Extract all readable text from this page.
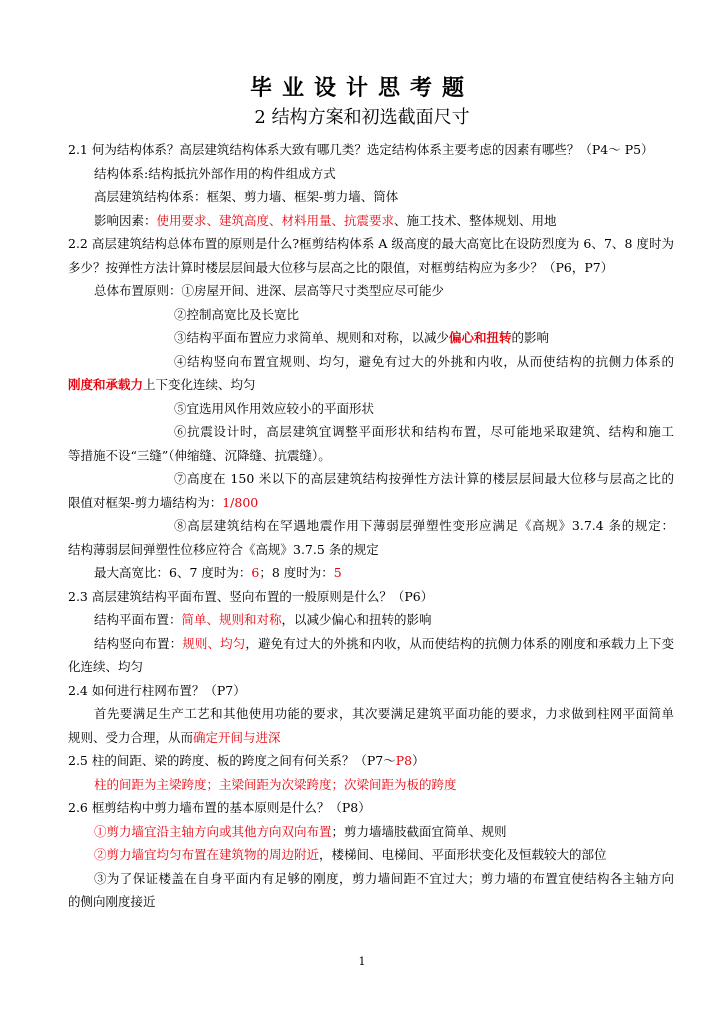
毕业设计思考题
2 结构方案和初选截面尺寸
2.1 何为结构体系？高层建筑结构体系大致有哪几类？选定结构体系主要考虑的因素有哪些？（P4～ P5）
结构体系:结构抵抗外部作用的构件组成方式
高层建筑结构体系：框架、剪力墙、框架-剪力墙、筒体
影响因素：使用要求、建筑高度、材料用量、抗震要求、施工技术、整体规划、用地
2.2 高层建筑结构总体布置的原则是什么?框剪结构体系 A 级高度的最大高宽比在设防烈度为 6、7、8 度时为
多少？按弹性方法计算时楼层层间最大位移与层高之比的限值，对框剪结构应为多少？（P6，P7）
总体布置原则：①房屋开间、进深、层高等尺寸类型应尽可能少
②控制高宽比及长宽比
③结构平面布置应力求简单、规则和对称，以减少偏心和扭转的影响
④结构竖向布置宜规则、均匀，避免有过大的外挑和内收，从而使结构的抗侧力体系的
刚度和承载力上下变化连续、均匀
⑤宜选用风作用效应较小的平面形状
⑥抗震设计时，高层建筑宜调整平面形状和结构布置，尽可能地采取建筑、结构和施工
等措施不设“三缝”（伸缩缝、沉降缝、抗震缝）。
⑦高度在 150 米以下的高层建筑结构按弹性方法计算的楼层层间最大位移与层高之比的
限值对框架-剪力墙结构为：1/800
⑧高层建筑结构在罕遇地震作用下薄弱层弹塑性变形应满足《高规》3.7.4 条的规定：
结构薄弱层间弹塑性位移应符合《高规》3.7.5 条的规定
最大高宽比：6、7 度时为：6；8 度时为：5
2.3 高层建筑结构平面布置、竖向布置的一般原则是什么？（P6）
结构平面布置：简单、规则和对称，以减少偏心和扭转的影响
结构竖向布置：规则、均匀，避免有过大的外挑和内收，从而使结构的抗侧力体系的刚度和承载力上下变
化连续、均匀
2.4 如何进行柱网布置？（P7）
首先要满足生产工艺和其他使用功能的要求，其次要满足建筑平面功能的要求，力求做到柱网平面简单
规则、受力合理，从而确定开间与进深
2.5 柱的间距、梁的跨度、板的跨度之间有何关系？（P7～P8）
柱的间距为主梁跨度；主梁间距为次梁跨度；次梁间距为板的跨度
2.6 框剪结构中剪力墙布置的基本原则是什么？（P8）
①剪力墙宜沿主轴方向或其他方向双向布置；剪力墙墙肢截面宜简单、规则
②剪力墙宜均匀布置在建筑物的周边附近，楼梯间、电梯间、平面形状变化及恒载较大的部位
③为了保证楼盖在自身平面内有足够的刚度，剪力墙间距不宜过大；剪力墙的布置宜使结构各主轴方向
的侧向刚度接近
1
